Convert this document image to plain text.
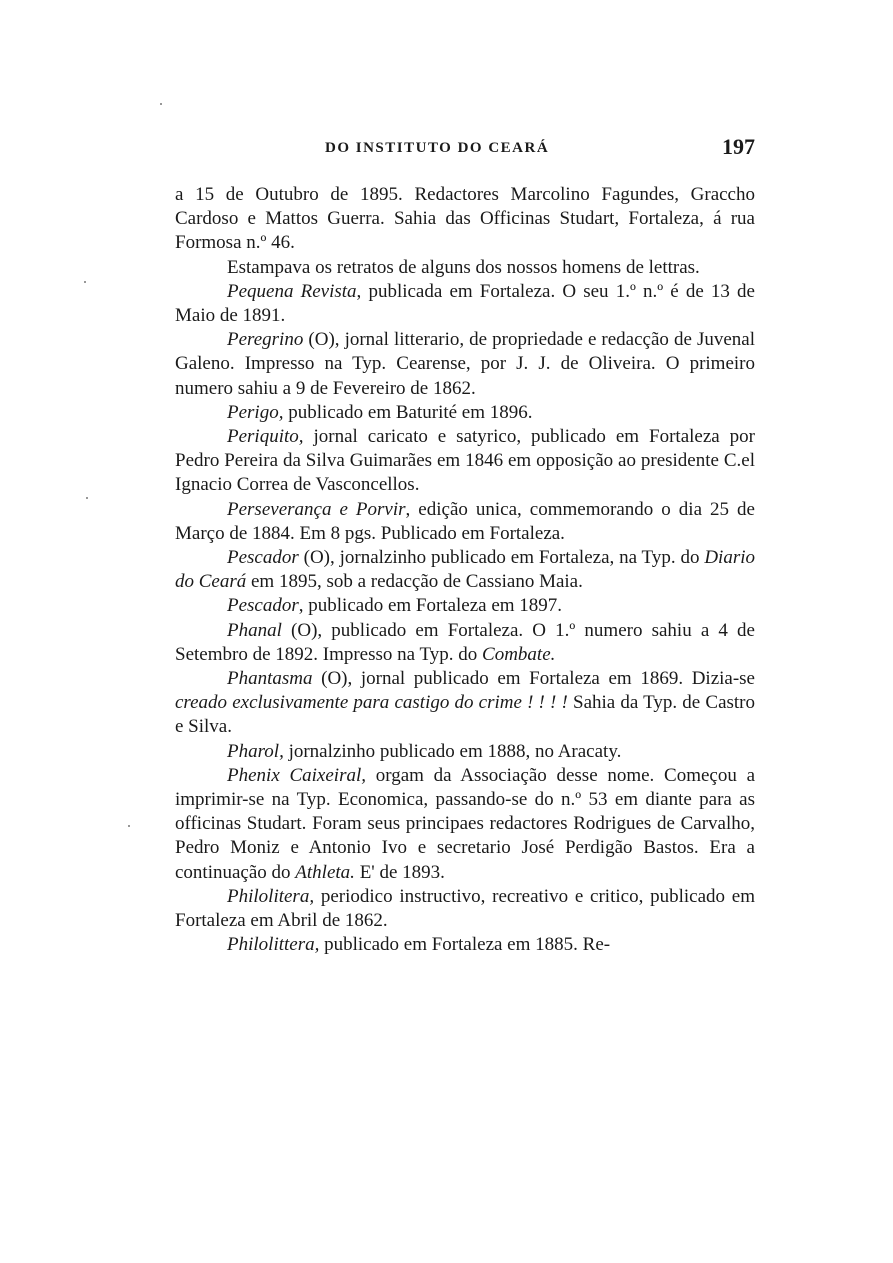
DO INSTITUTO DO CEARÁ	197

a 15 de Outubro de 1895. Redactores Marcolino Fagundes, Graccho Cardoso e Mattos Guerra. Sahia das Officinas Studart, Fortaleza, á rua Formosa n.º 46.

Estampava os retratos de alguns dos nossos homens de lettras.

Pequena Revista, publicada em Fortaleza. O seu 1.º n.º é de 13 de Maio de 1891.

Peregrino (O), jornal litterario, de propriedade e redacção de Juvenal Galeno. Impresso na Typ. Cearense, por J. J. de Oliveira. O primeiro numero sahiu a 9 de Fevereiro de 1862.

Perigo, publicado em Baturité em 1896.

Periquito, jornal caricato e satyrico, publicado em Fortaleza por Pedro Pereira da Silva Guimarães em 1846 em opposição ao presidente C.el Ignacio Correa de Vasconcellos.

Perseverança e Porvir, edição unica, commemorando o dia 25 de Março de 1884. Em 8 pgs. Publicado em Fortaleza.

Pescador (O), jornalzinho publicado em Fortaleza, na Typ. do Diario do Ceará em 1895, sob a redacção de Cassiano Maia.

Pescador, publicado em Fortaleza em 1897.

Phanal (O), publicado em Fortaleza. O 1.º numero sahiu a 4 de Setembro de 1892. Impresso na Typ. do Combate.

Phantasma (O), jornal publicado em Fortaleza em 1869. Dizia-se creado exclusivamente para castigo do crime ! ! ! ! Sahia da Typ. de Castro e Silva.

Pharol, jornalzinho publicado em 1888, no Aracaty.

Phenix Caixeiral, orgam da Associação desse nome. Começou a imprimir-se na Typ. Economica, passando-se do n.º 53 em diante para as officinas Studart. Foram seus principaes redactores Rodrigues de Carvalho, Pedro Moniz e Antonio Ivo e secretario José Perdigão Bastos. Era a continuação do Athleta. E' de 1893.

Philolitera, periodico instructivo, recreativo e critico, publicado em Fortaleza em Abril de 1862.

Philolittera, publicado em Fortaleza em 1885. Re-
